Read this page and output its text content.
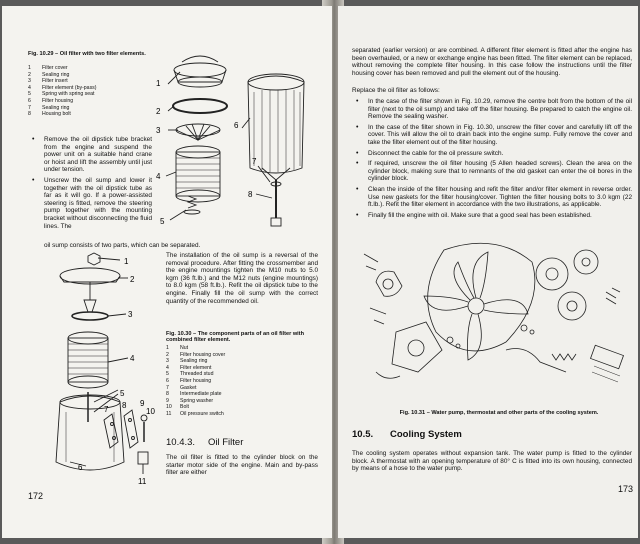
Fig. 10.29 – Oil filter with two filter elements.
1	Filter cover
2	Sealing ring
3	Filter insert
4	Filter element (by-pass)
5	Spring with spring seat
6	Filter housing
7	Sealing ring
8	Housing bolt
1
2
3
4
5
6
7
8
• Remove the oil dipstick tube bracket from the engine and suspend the power unit on a suitable hand crane or hoist and lift the assembly until just under tension.
• Unscrew the oil sump and lower it together with the oil dipstick tube as far as it will go. If a power-assisted steering is fitted, remove the steering pump together with the mounting bracket without disconnecting the fluid lines. The
oil sump consists of two parts, which can be separated.
1
2
3
4
5
6
7 8 9
10
11
The installation of the oil sump is a reversal of the removal procedure. After fitting the crossmember and the engine mountings tighten the M10 nuts to 5.0 kgm (36 ft.lb.) and the M12 nuts (engine mountings) to 8.0 kgm (58 ft.lb.). Refit the oil dipstick tube to the engine. Finally fill the oil sump with the correct quantity of the recommended oil.
Fig. 10.30 – The component parts of an oil filter with combined filter element.
1	Nut
2	Filter housing cover
3	Sealing ring
4	Filter element
5	Threaded stud
6	Filter housing
7	Gasket
8	Intermediate plate
9	Spring washer
10	Bolt
11	Oil pressure switch
10.4.3. Oil Filter
The oil filter is fitted to the cylinder block on the starter motor side of the engine. Main and by-pass filter are either
172
separated (earlier version) or are combined. A different filter element is fitted after the engine has been overhauled, or a new or exchange engine has been fitted. The filter element can be replaced, without removing the complete filter housing. In this case follow the instructions until the filter housing cover has been removed and pull the element out of the housing.
Replace the oil filter as follows:
• In the case of the filter shown in Fig. 10.29, remove the centre bolt from the bottom of the oil filter (next to the oil sump) and take off the filter housing. Be prepared to catch the engine oil. Remove the sealing washer.
• In the case of the filter shown in Fig. 10.30, unscrew the filter cover and carefully lift off the cover. This will allow the oil to drain back into the engine sump. Fully remove the cover and take the filter element out of the filter housing.
• Disconnect the cable for the oil pressure switch.
• If required, unscrew the oil filter housing (5 Allen headed screws). Clean the area on the cylinder block, making sure that to remnants of the old gasket can enter the oil bores in the cylinder block.
• Clean the inside of the filter housing and refit the filter and/or filter element in reverse order. Use new gaskets for the filter housing/cover. Tighten the filter housing bolts to 3.0 kgm (22 ft.lb.). Refit the filter element in accordance with the two illustrations, as applicable.
• Finally fill the engine with oil. Make sure that a good seal has been established.
Fig. 10.31 – Water pump, thermostat and other parts of the cooling system.
10.5. Cooling System
The cooling system operates without expansion tank. The water pump is fitted to the cylinder block. A thermostat with an opening temperature of 80° C is fitted into its own housing, connected by means of a hose to the water pump.
173
